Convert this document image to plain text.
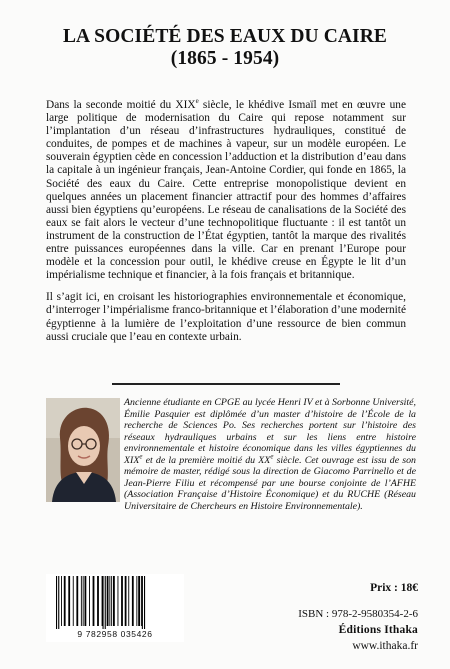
LA SOCIÉTÉ DES EAUX DU CAIRE
(1865 - 1954)

Dans la seconde moitié du XIXe siècle, le khédive Ismaïl met en œuvre une large politique de modernisation du Caire qui repose notamment sur l’implantation d’un réseau d’infrastructures hydrauliques, constitué de conduites, de pompes et de machines à vapeur, sur un modèle européen. Le souverain égyptien cède en concession l’adduction et la distribution d’eau dans la capitale à un ingénieur français, Jean-Antoine Cordier, qui fonde en 1865, la Société des eaux du Caire. Cette entreprise monopolistique devient en quelques années un placement financier attractif pour des hommes d’affaires aussi bien égyptiens qu’européens. Le réseau de canalisations de la Société des eaux se fait alors le vecteur d’une technopolitique fluctuante : il est tantôt un instrument de la construction de l’État égyptien, tantôt la marque des rivalités entre puissances européennes dans la ville. Car en prenant l’Europe pour modèle et la concession pour outil, le khédive creuse en Égypte le lit d’un impérialisme technique et financier, à la fois français et britannique.

Il s’agit ici, en croisant les historiographies environnementale et économique, d’interroger l’impérialisme franco-britannique et l’élaboration d’une modernité égyptienne à la lumière de l’exploitation d’une ressource de bien commun aussi cruciale que l’eau en contexte urbain.

Ancienne étudiante en CPGE au lycée Henri IV et à Sorbonne Université, Émilie Pasquier est diplômée d’un master d’histoire de l’École de la recherche de Sciences Po. Ses recherches portent sur l’histoire des réseaux hydrauliques urbains et sur les liens entre histoire environnementale et histoire économique dans les villes égyptiennes du XIXe et de la première moitié du XXe siècle. Cet ouvrage est issu de son mémoire de master, rédigé sous la direction de Giacomo Parrinello et de Jean-Pierre Filiu et récompensé par une bourse conjointe de l’AFHE (Association Française d’Histoire Économique) et du RUCHE (Réseau Universitaire de Chercheurs en Histoire Environnementale).
9 782958 035426
Prix : 18€
ISBN : 978-2-9580354-2-6
Éditions Ithaka
www.ithaka.fr
